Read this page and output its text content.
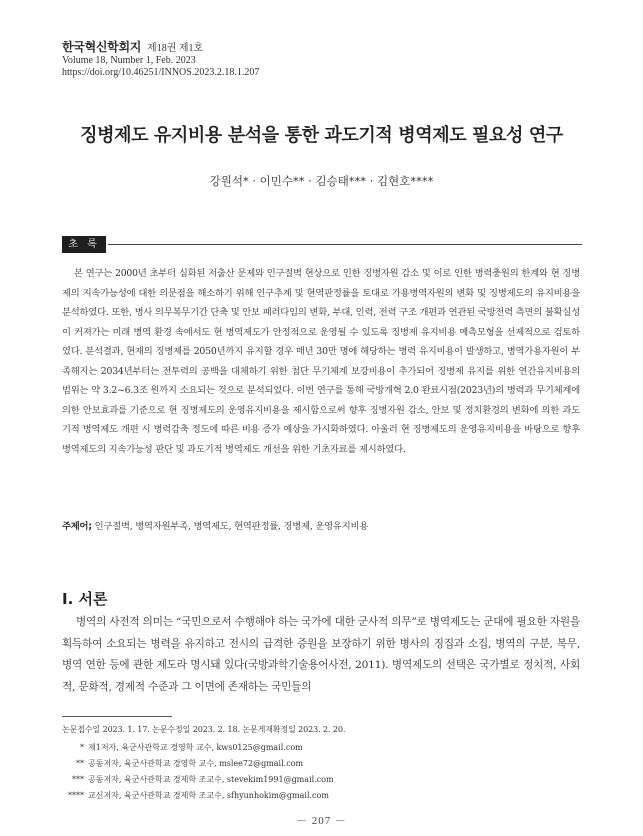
한국혁신학회지 제18권 제1호
Volume 18, Number 1, Feb. 2023
https://doi.org/10.46251/INNOS.2023.2.18.1.207
징병제도 유지비용 분석을 통한 과도기적 병역제도 필요성 연구
강원석* · 이민수** · 김승태*** · 김현호****
초 록

본 연구는 2000년 초부터 심화된 저출산 문제와 인구절벽 현상으로 인한 징병자원 감소 및 이로 인한 병력충원의 한계와 현 징병제의 지속가능성에 대한 의문점을 해소하기 위해 인구추계 및 현역판정률을 토대로 가용병역자원의 변화 및 징병제도의 유지비용을 분석하였다. 또한, 병사 의무복무기간 단축 및 안보 패러다임의 변화, 부대, 인력, 전력 구조 개편과 연관된 국방전력 측면의 불확실성이 커져가는 미래 병역 환경 속에서도 현 병역제도가 안정적으로 운영될 수 있도록 징병제 유지비용 예측모형을 선제적으로 검토하였다. 분석결과, 현재의 징병제를 2050년까지 유지할 경우 매년 30만 명에 해당하는 병력 유지비용이 발생하고, 병역가용자원이 부족해지는 2034년부터는 전투력의 공백을 대체하기 위한 첨단 무기체계 보강비용이 추가되어 징병제 유지를 위한 연간유지비용의 범위는 약 3.2~6.3조 원까지 소요되는 것으로 분석되었다. 이번 연구를 통해 국방개혁 2.0 완료시점(2023년)의 병력과 무기체계에 의한 안보효과를 기준으로 현 징병제도의 운영유지비용을 제시함으로써 향후 징병자원 감소, 안보 및 정치환경의 변화에 의한 과도기적 병역제도 개편 시 병력감축 정도에 따른 비용 증가 예상을 가시화하였다. 아울러 현 징병제도의 운영유지비용을 바탕으로 향후 병역제도의 지속가능성 판단 및 과도기적 병역제도 개선을 위한 기초자료를 제시하였다.

주제어; 인구절벽, 병역자원부족, 병역제도, 현역판정률, 징병제, 운영유지비용
Ⅰ. 서론

병역의 사전적 의미는 “국민으로서 수행해야 하는 국가에 대한 군사적 의무”로 병역제도는 군대에 필요한 자원을 획득하여 소요되는 병력을 유지하고 전시의 급격한 증원을 보장하기 위한 병사의 징집과 소집, 병역의 구분, 복무, 병역 연한 등에 관한 제도라 명시돼 있다(국방과학기술용어사전, 2011). 병역제도의 선택은 국가별로 정치적, 사회적, 문화적, 경제적 수준과 그 이면에 존재하는 국민들의

논문접수일 2023. 1. 17. 논문수정일 2023. 2. 18. 논문게재확정일 2023. 2. 20.
* 제1저자, 육군사관학교 경영학 교수, kws0125@gmail.com
** 공동저자, 육군사관학교 경영학 교수, mslee72@gmail.com
*** 공동저자, 육군사관학교 경제학 조교수, stevekim1991@gmail.com
**** 교신저자, 육군사관학교 경제학 조교수, sfhyunhokim@gmail.com
－ 207 －
